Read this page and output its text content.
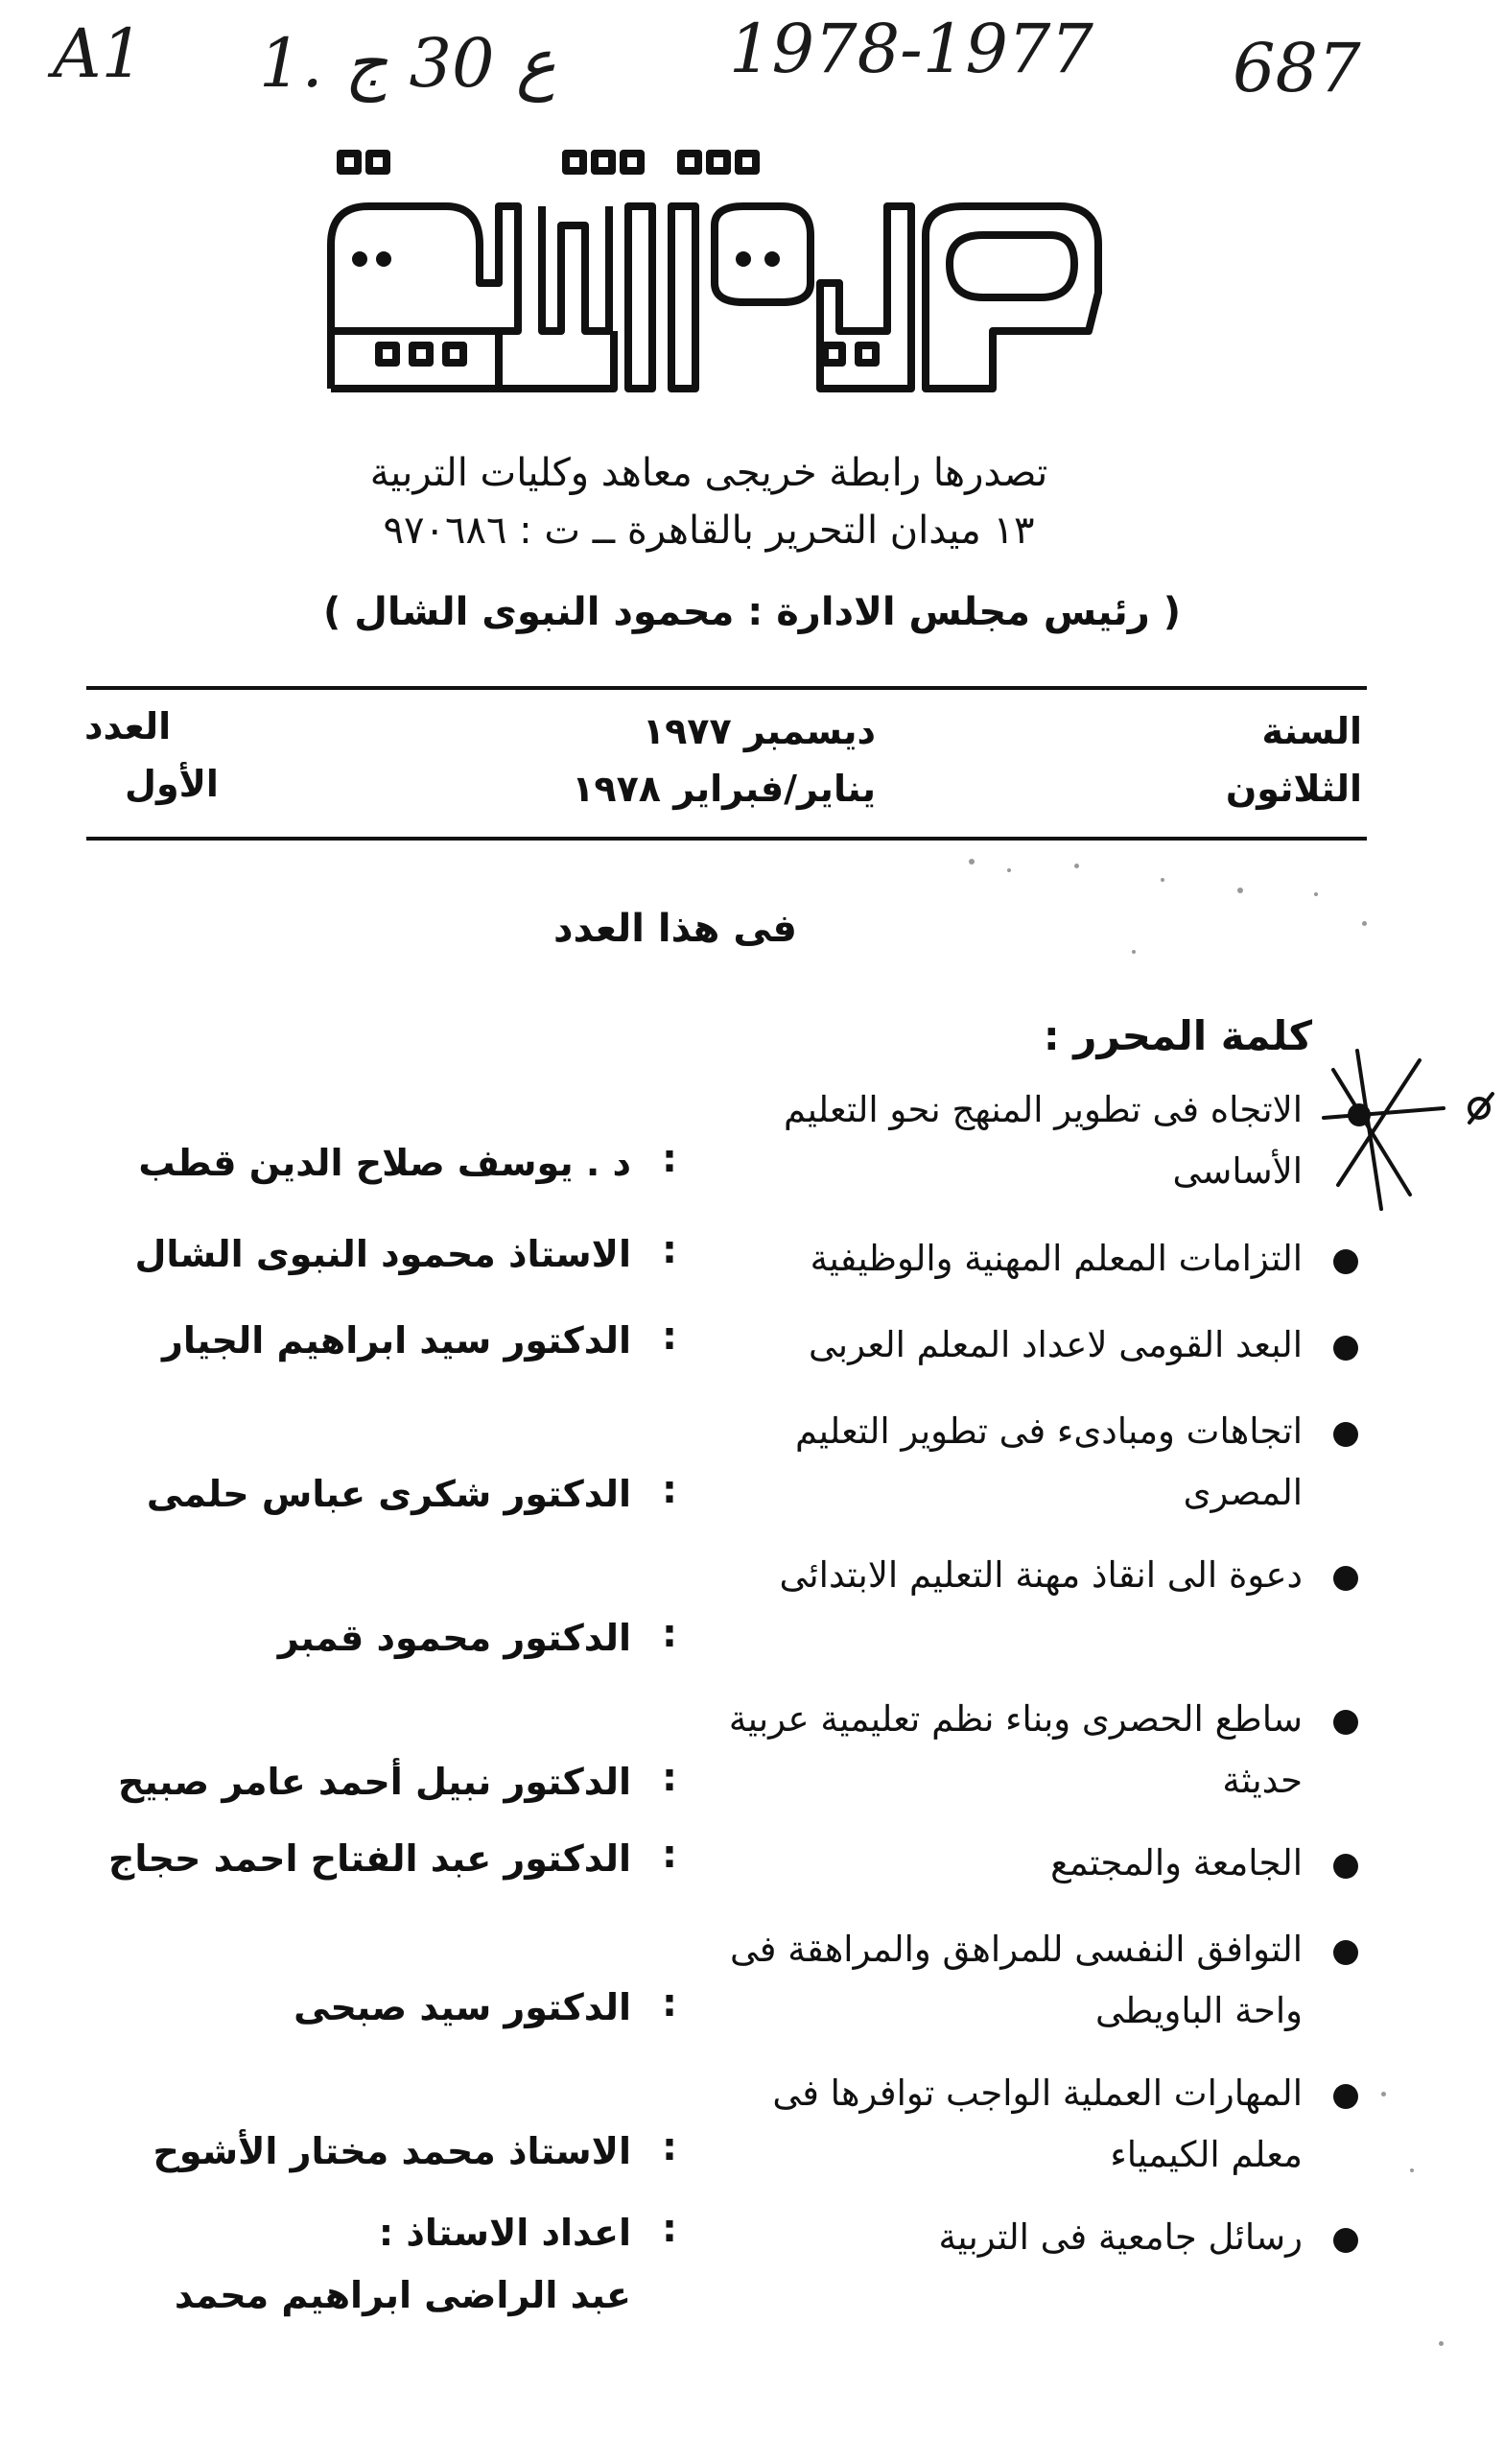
A1 1. ع 30 ج	1978-1977 687
تصدرها رابطة خريجى معاهد وكليات التربية
١٣ ميدان التحرير بالقاهرة ــ ت : ٩٧٠٦٨٦
( رئيس مجلس الادارة : محمود النبوى الشال )
السنة
الثلاثون
ديسمبر ١٩٧٧
يناير/فبراير ١٩٧٨
العدد
الأول
فى هذا العدد
كلمة المحرر :
الاتجاه فى تطوير المنهج نحو التعليم الأساسى
:
د . يوسف صلاح الدين قطب
التزامات المعلم المهنية والوظيفية
:
الاستاذ محمود النبوى الشال
البعد القومى لاعداد المعلم العربى
:
الدكتور سيد ابراهيم الجيار
اتجاهات ومبادىء فى تطوير التعليم المصرى
:
الدكتور شكرى عباس حلمى
دعوة الى انقاذ مهنة التعليم الابتدائى
:
الدكتور محمود قمبر
ساطع الحصرى وبناء نظم تعليمية عربية حديثة
:
الدكتور نبيل أحمد عامر صبيح
الجامعة والمجتمع
:
الدكتور عبد الفتاح احمد حجاج
التوافق النفسى للمراهق والمراهقة فى واحة الباويطى
:
الدكتور سيد صبحى
المهارات العملية الواجب توافرها فى معلم الكيمياء
:
الاستاذ محمد مختار الأشوح
رسائل جامعية فى التربية
:
اعداد الاستاذ :
عبد الراضى ابراهيم محمد
